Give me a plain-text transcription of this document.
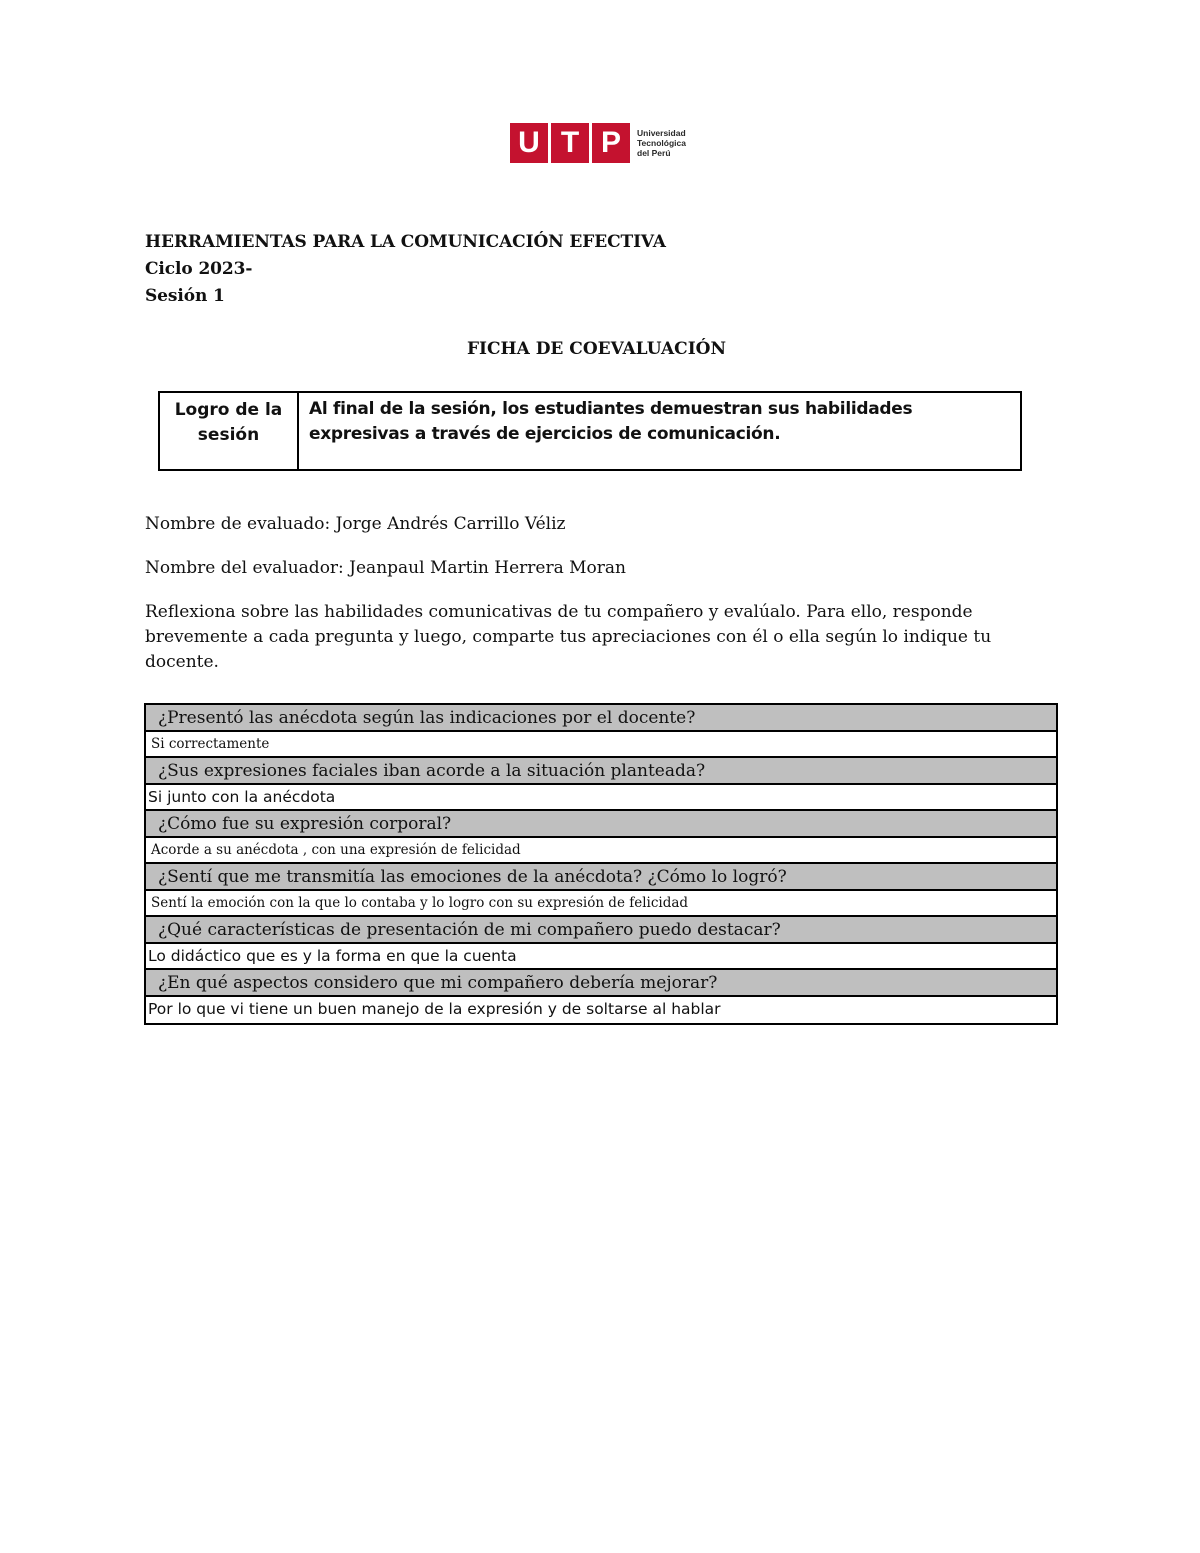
U T P	Universidad
Tecnológica
del Perú
HERRAMIENTAS PARA LA COMUNICACIÓN EFECTIVA
Ciclo 2023-
Sesión 1
FICHA DE COEVALUACIÓN
Logro de la sesión
Al final de la sesión, los estudiantes demuestran sus habilidades expresivas a través de ejercicios de comunicación.
Nombre de evaluado: Jorge Andrés Carrillo Véliz
Nombre del evaluador: Jeanpaul Martin Herrera Moran
Reflexiona sobre las habilidades comunicativas de tu compañero y evalúalo. Para ello, responde brevemente a cada pregunta y luego, comparte tus apreciaciones con él o ella según lo indique tu docente.
¿Presentó las anécdota según las indicaciones por el docente?
Si correctamente
¿Sus expresiones faciales iban acorde a la situación planteada?
Si junto con la anécdota
¿Cómo fue su expresión corporal?
Acorde a su anécdota , con una expresión de felicidad
¿Sentí que me transmitía las emociones de la anécdota? ¿Cómo lo logró?
Sentí la emoción con la que lo contaba y lo logro con su expresión de felicidad
¿Qué características de presentación de mi compañero puedo destacar?
Lo didáctico que es y la forma en que la cuenta
¿En qué aspectos considero que mi compañero debería mejorar?
Por lo que vi tiene un buen manejo de la expresión y de soltarse al hablar
